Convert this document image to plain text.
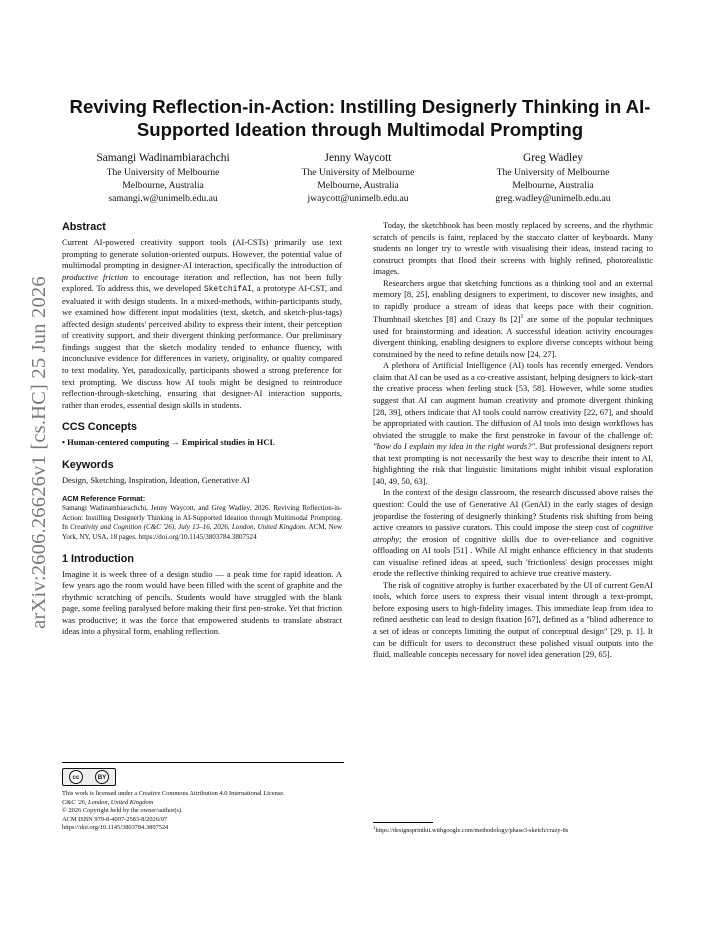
arXiv:2606.26626v1 [cs.HC] 25 Jun 2026
Reviving Reflection-in-Action: Instilling Designerly Thinking in AI-Supported Ideation through Multimodal Prompting
Samangi Wadinambiarachchi
The University of Melbourne
Melbourne, Australia
samangi.w@unimelb.edu.au
Jenny Waycott
The University of Melbourne
Melbourne, Australia
jwaycott@unimelb.edu.au
Greg Wadley
The University of Melbourne
Melbourne, Australia
greg.wadley@unimelb.edu.au
Abstract

Current AI-powered creativity support tools (AI-CSTs) primarily use text prompting to generate solution-oriented outputs. However, the potential value of multimodal prompting in designer-AI interaction, specifically the introduction of productive friction to encourage iteration and reflection, has not been fully explored. To address this, we developed SketchifAI, a prototype AI-CST, and evaluated it with design students. In a mixed-methods, within-participants study, we examined how different input modalities (text, sketch, and sketch-plus-tags) affected design students' perceived ability to express their intent, their perception of creativity support, and their divergent thinking performance. Our preliminary findings suggest that the sketch modality tended to enhance fluency, with inconclusive evidence for differences in variety, originality, or quality compared to text modality. Yet, paradoxically, participants showed a strong preference for text prompting. We discuss how AI tools might be designed to reintroduce reflection-through-sketching, ensuring that designer-AI interaction supports, rather than erodes, essential design skills in students.

CCS Concepts

• Human-centered computing → Empirical studies in HCI.

Keywords

Design, Sketching, Inspiration, Ideation, Generative AI

ACM Reference Format:

Samangi Wadinambiarachchi, Jenny Waycott, and Greg Wadley. 2026. Reviving Reflection-in-Action: Instilling Designerly Thinking in AI-Supported Ideation through Multimodal Prompting. In Creativity and Cognition (C&C '26), July 13–16, 2026, London, United Kingdom. ACM, New York, NY, USA, 18 pages. https://doi.org/10.1145/3803784.3807524

1 Introduction

Imagine it is week three of a design studio — a peak time for rapid ideation. A few years ago the room would have been filled with the scent of graphite and the rhythmic scratching of pencils. Students would have struggled with the blank page, some feeling paralysed before making their first pen-stroke. Yet that friction was productive; it was the force that empowered students to translate abstract ideas into a physical form, enabling reflection.

cc	BY

This work is licensed under a Creative Commons Attribution 4.0 International License.

C&C '26, London, United Kingdom

© 2026 Copyright held by the owner/author(s).

ACM ISBN 979-8-4007-2583-8/2026/07

https://doi.org/10.1145/3803784.3807524

Today, the sketchbook has been mostly replaced by screens, and the rhythmic scratch of pencils is faint, replaced by the staccato clatter of keyboards. Many students no longer try to wrestle with visualising their ideas, instead racing to construct prompts that flood their screens with highly refined, photorealistic images.

Researchers argue that sketching functions as a thinking tool and an external memory [8, 25], enabling designers to experiment, to discover new insights, and to rapidly produce a stream of ideas that keeps pace with their cognition. Thumbnail sketches [8] and Crazy 8s $[2]^1$ are some of the popular techniques used for brainstorming and ideation. A successful ideation activity encourages divergent thinking, enabling designers to explore diverse concepts without being constrained by the need to refine details now [24, 27].

A plethora of Artificial Intelligence (AI) tools has recently emerged. Vendors claim that AI can be used as a co-creative assistant, helping designers to kick-start the creative process when feeling stuck [53, 58]. However, while some studies suggest that AI can augment human creativity and promote divergent thinking [28, 39], others indicate that AI tools could narrow creativity [22, 67], and should be appropriated with caution. The diffusion of AI tools into design workflows has obviated the struggle to make the first penstroke in favour of the challenge of: "how do I explain my idea in the right words?". But professional designers report that text prompting is not necessarily the best way to describe their intent to AI, highlighting the risk that linguistic limitations might inhibit visual exploration [40, 49, 50, 63].

In the context of the design classroom, the research discussed above raises the question: Could the use of Generative AI (GenAI) in the early stages of design jeopardise the fostering of designerly thinking? Students risk shifting from being active creators to passive curators. This could impose the steep cost of cognitive atrophy; the erosion of cognitive skills due to over-reliance and cognitive offloading on AI tools [51] . While AI might enhance efficiency in that students can visualise refined ideas at speed, such 'frictionless' design processes might erode the reflective thinking required to achieve true creative mastery.

The risk of cognitive atrophy is further exacerbated by the UI of current GenAI tools, which force users to express their visual intent through a text-prompt, before exposing users to high-fidelity images. This immediate leap from idea to refined aesthetic can lead to design fixation [67], defined as a "blind adherence to a set of ideas or concepts limiting the output of conceptual design" [29, p. 1]. It can be difficult for users to deconstruct these polished visual outputs into the fluid, malleable concepts necessary for novel idea generation [29, 65].

$^1$https://designsprintkit.withgoogle.com/methodology/phase3-sketch/crazy-8s
